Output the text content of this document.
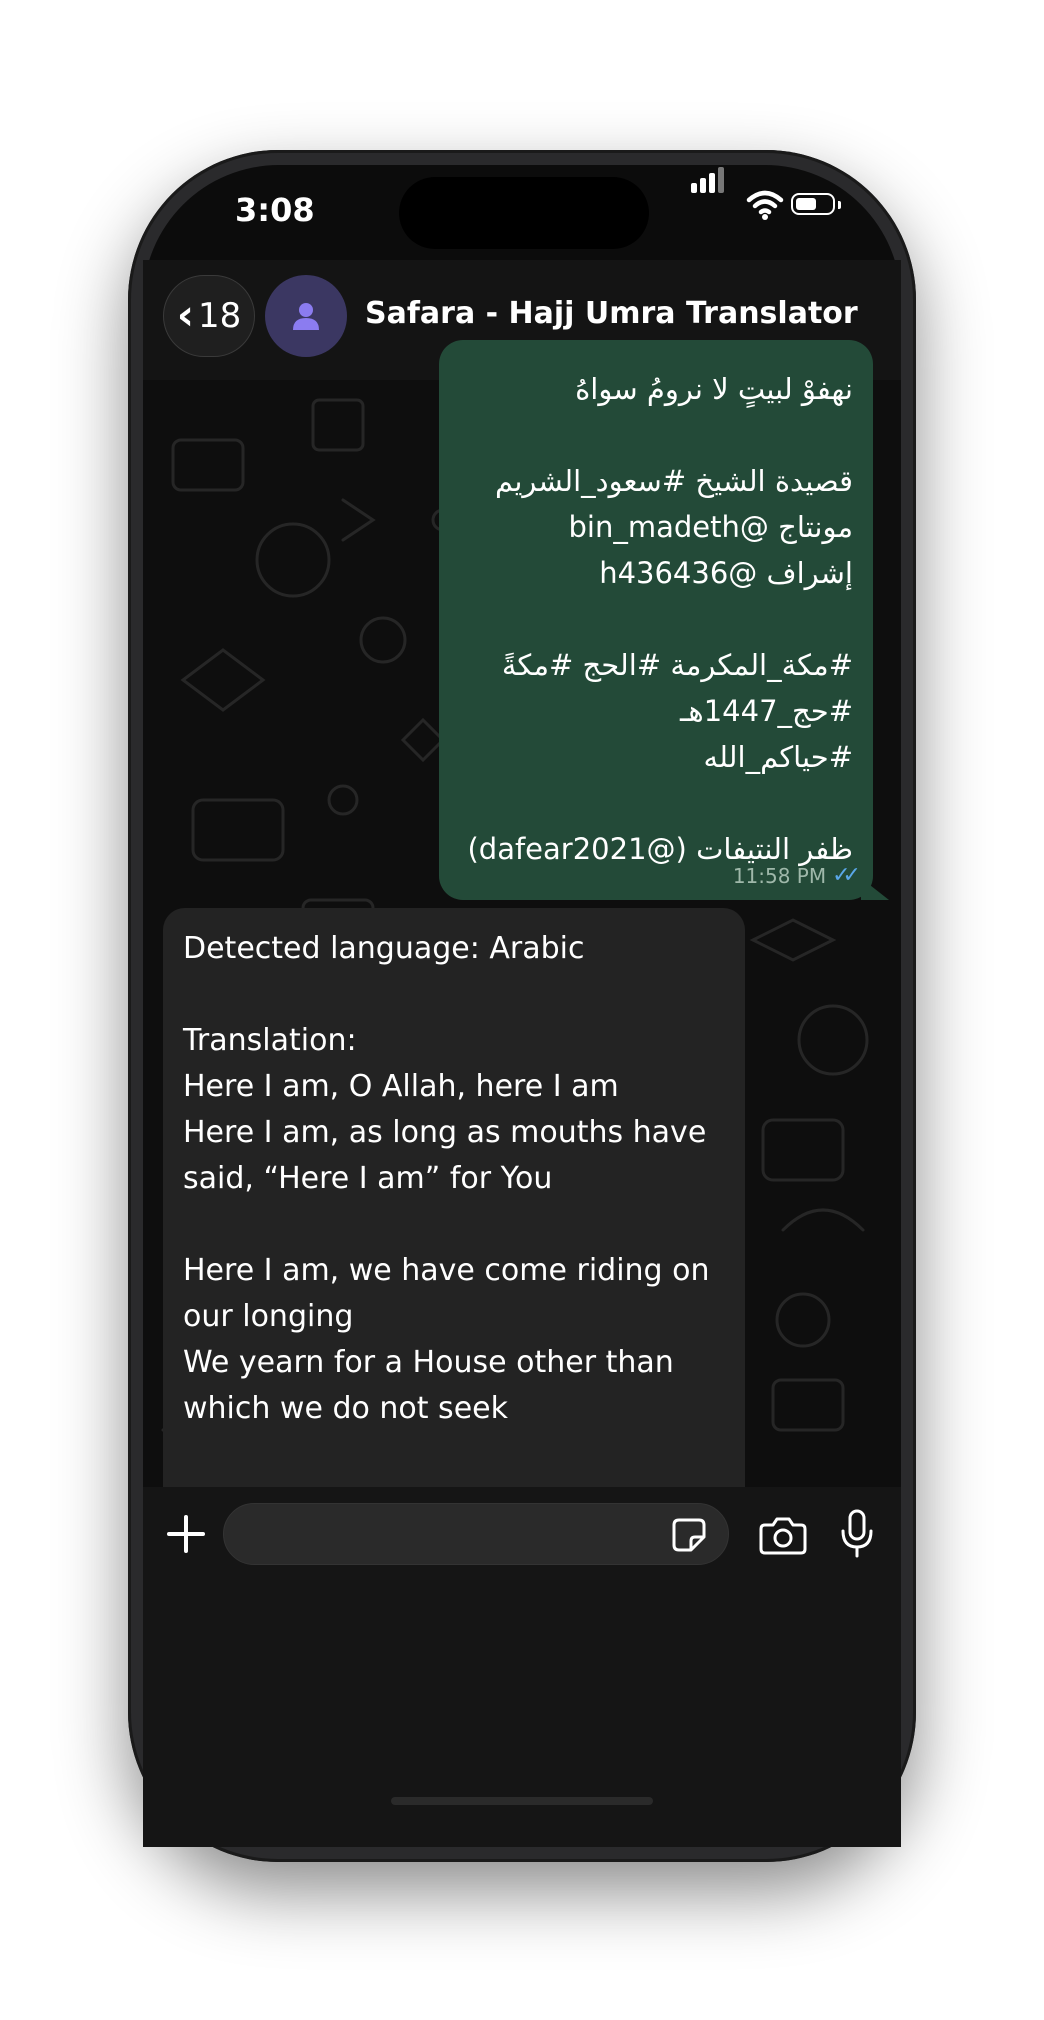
3:08
‹ 18	Safara - Hajj Umra Translator
نهفوْ لبيتٍ لا نرومُ سواهُ
قصيدة الشيخ #سعود_الشريم
مونتاج @bin_madeth
إشراف @h436436
#مكة_المكرمة #الحج #مكةً
#حج_1447هـ
#حياكم_الله
ظفر النتيفات (@dafear2021)
11:58 PM ✓✓
Detected language: Arabic
Translation:
Here I am, O Allah, here I am
Here I am, as long as mouths have
said, “Here I am” for You
Here I am, we have come riding on
our longing
We yearn for a House other than
which we do not seek
